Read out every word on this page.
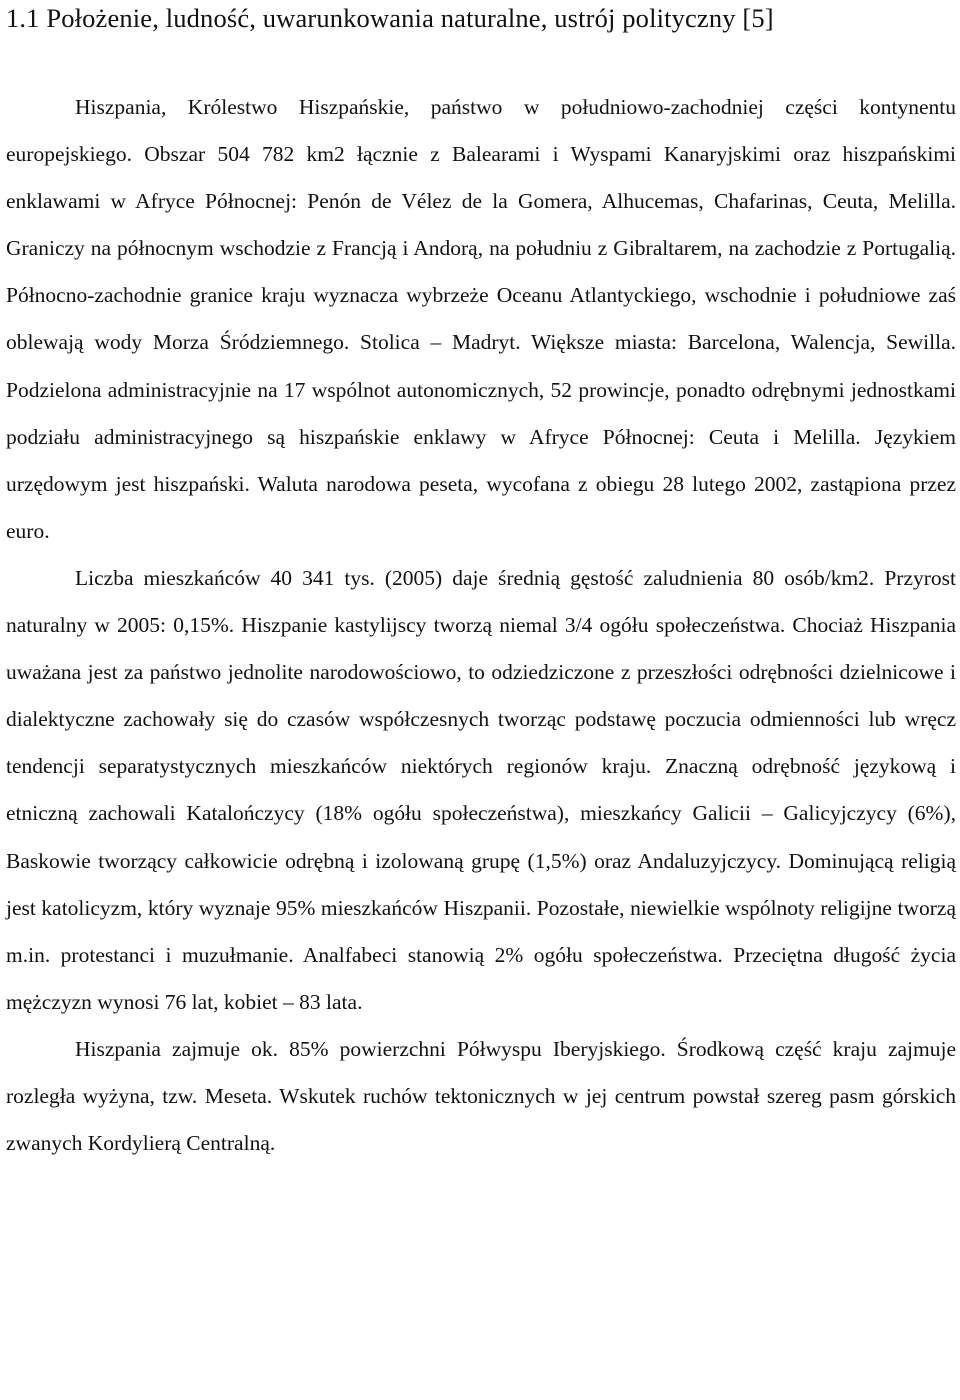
1.1 Położenie, ludność, uwarunkowania naturalne, ustrój polityczny [5]

Hiszpania, Królestwo Hiszpańskie, państwo w południowo-zachodniej części kontynentu europejskiego. Obszar 504 782 km2 łącznie z Balearami i Wyspami Kanaryjskimi oraz hiszpańskimi enklawami w Afryce Północnej: Penón de Vélez de la Gomera, Alhucemas, Chafarinas, Ceuta, Melilla. Graniczy na północnym wschodzie z Francją i Andorą, na południu z Gibraltarem, na zachodzie z Portugalią. Północno-zachodnie granice kraju wyznacza wybrzeże Oceanu Atlantyckiego, wschodnie i południowe zaś oblewają wody Morza Śródziemnego. Stolica – Madryt. Większe miasta: Barcelona, Walencja, Sewilla. Podzielona administracyjnie na 17 wspólnot autonomicznych, 52 prowincje, ponadto odrębnymi jednostkami podziału administracyjnego są hiszpańskie enklawy w Afryce Północnej: Ceuta i Melilla. Językiem urzędowym jest hiszpański. Waluta narodowa peseta, wycofana z obiegu 28 lutego 2002, zastąpiona przez euro.

Liczba mieszkańców 40 341 tys. (2005) daje średnią gęstość zaludnienia 80 osób/km2. Przyrost naturalny w 2005: 0,15%. Hiszpanie kastylijscy tworzą niemal 3/4 ogółu społeczeństwa. Chociaż Hiszpania uważana jest za państwo jednolite narodowościowo, to odziedziczone z przeszłości odrębności dzielnicowe i dialektyczne zachowały się do czasów współczesnych tworząc podstawę poczucia odmienności lub wręcz tendencji separatystycznych mieszkańców niektórych regionów kraju. Znaczną odrębność językową i etniczną zachowali Katalończycy (18% ogółu społeczeństwa), mieszkańcy Galicii – Galicyjczycy (6%), Baskowie tworzący całkowicie odrębną i izolowaną grupę (1,5%) oraz Andaluzyjczycy. Dominującą religią jest katolicyzm, który wyznaje 95% mieszkańców Hiszpanii. Pozostałe, niewielkie wspólnoty religijne tworzą m.in. protestanci i muzułmanie. Analfabeci stanowią 2% ogółu społeczeństwa. Przeciętna długość życia mężczyzn wynosi 76 lat, kobiet – 83 lata.

Hiszpania zajmuje ok. 85% powierzchni Półwyspu Iberyjskiego. Środkową część kraju zajmuje rozległa wyżyna, tzw. Meseta. Wskutek ruchów tektonicznych w jej centrum powstał szereg pasm górskich zwanych Kordylierą Centralną.
